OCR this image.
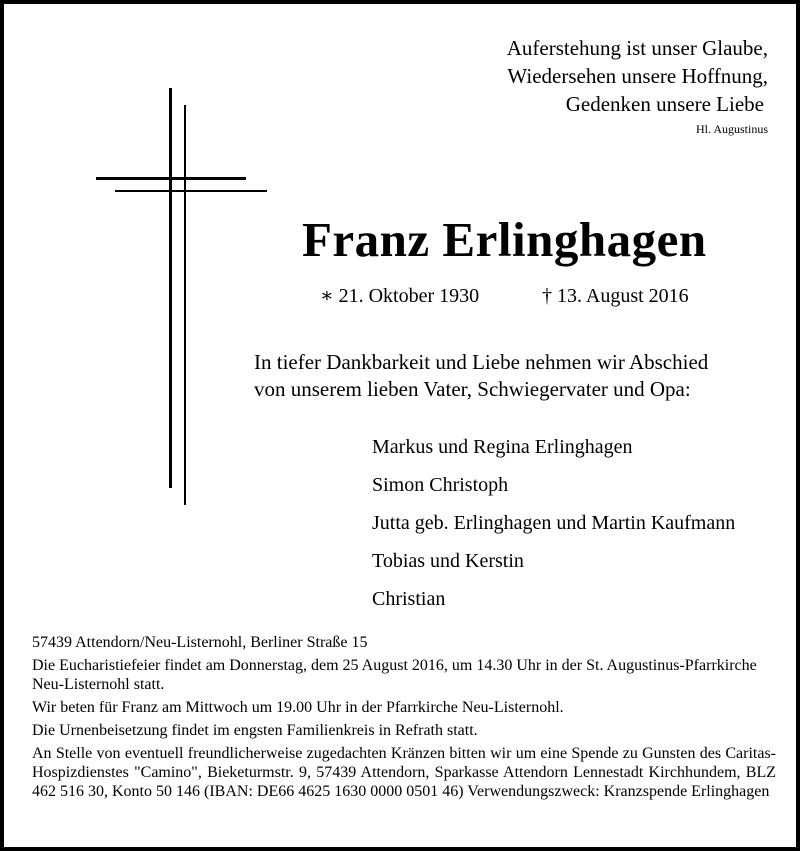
Auferstehung ist unser Glaube,
Wiedersehen unsere Hoffnung,
Gedenken unsere Liebe
Hl. Augustinus
Franz Erlinghagen
∗ 21. Oktober 1930	† 13. August 2016
In tiefer Dankbarkeit und Liebe nehmen wir Abschied
von unserem lieben Vater, Schwiegervater und Opa:
Markus und Regina Erlinghagen
Simon Christoph
Jutta geb. Erlinghagen und Martin Kaufmann
Tobias und Kerstin
Christian
57439 Attendorn/Neu-Listernohl, Berliner Straße 15
Die Eucharistiefeier findet am Donnerstag, dem 25 August 2016, um 14.30 Uhr in der St. Augustinus-Pfarrkirche Neu-Listernohl statt.
Wir beten für Franz am Mittwoch um 19.00 Uhr in der Pfarrkirche Neu-Listernohl.
Die Urnenbeisetzung findet im engsten Familienkreis in Refrath statt.
An Stelle von eventuell freundlicherweise zugedachten Kränzen bitten wir um eine Spende zu Gunsten des Caritas-Hospizdienstes "Camino", Bieketurmstr. 9, 57439 Attendorn, Sparkasse Attendorn Lennestadt Kirchhundem, BLZ 462 516 30, Konto 50 146 (IBAN: DE66 4625 1630 0000 0501 46) Verwendungszweck: Kranzspende Erlinghagen
